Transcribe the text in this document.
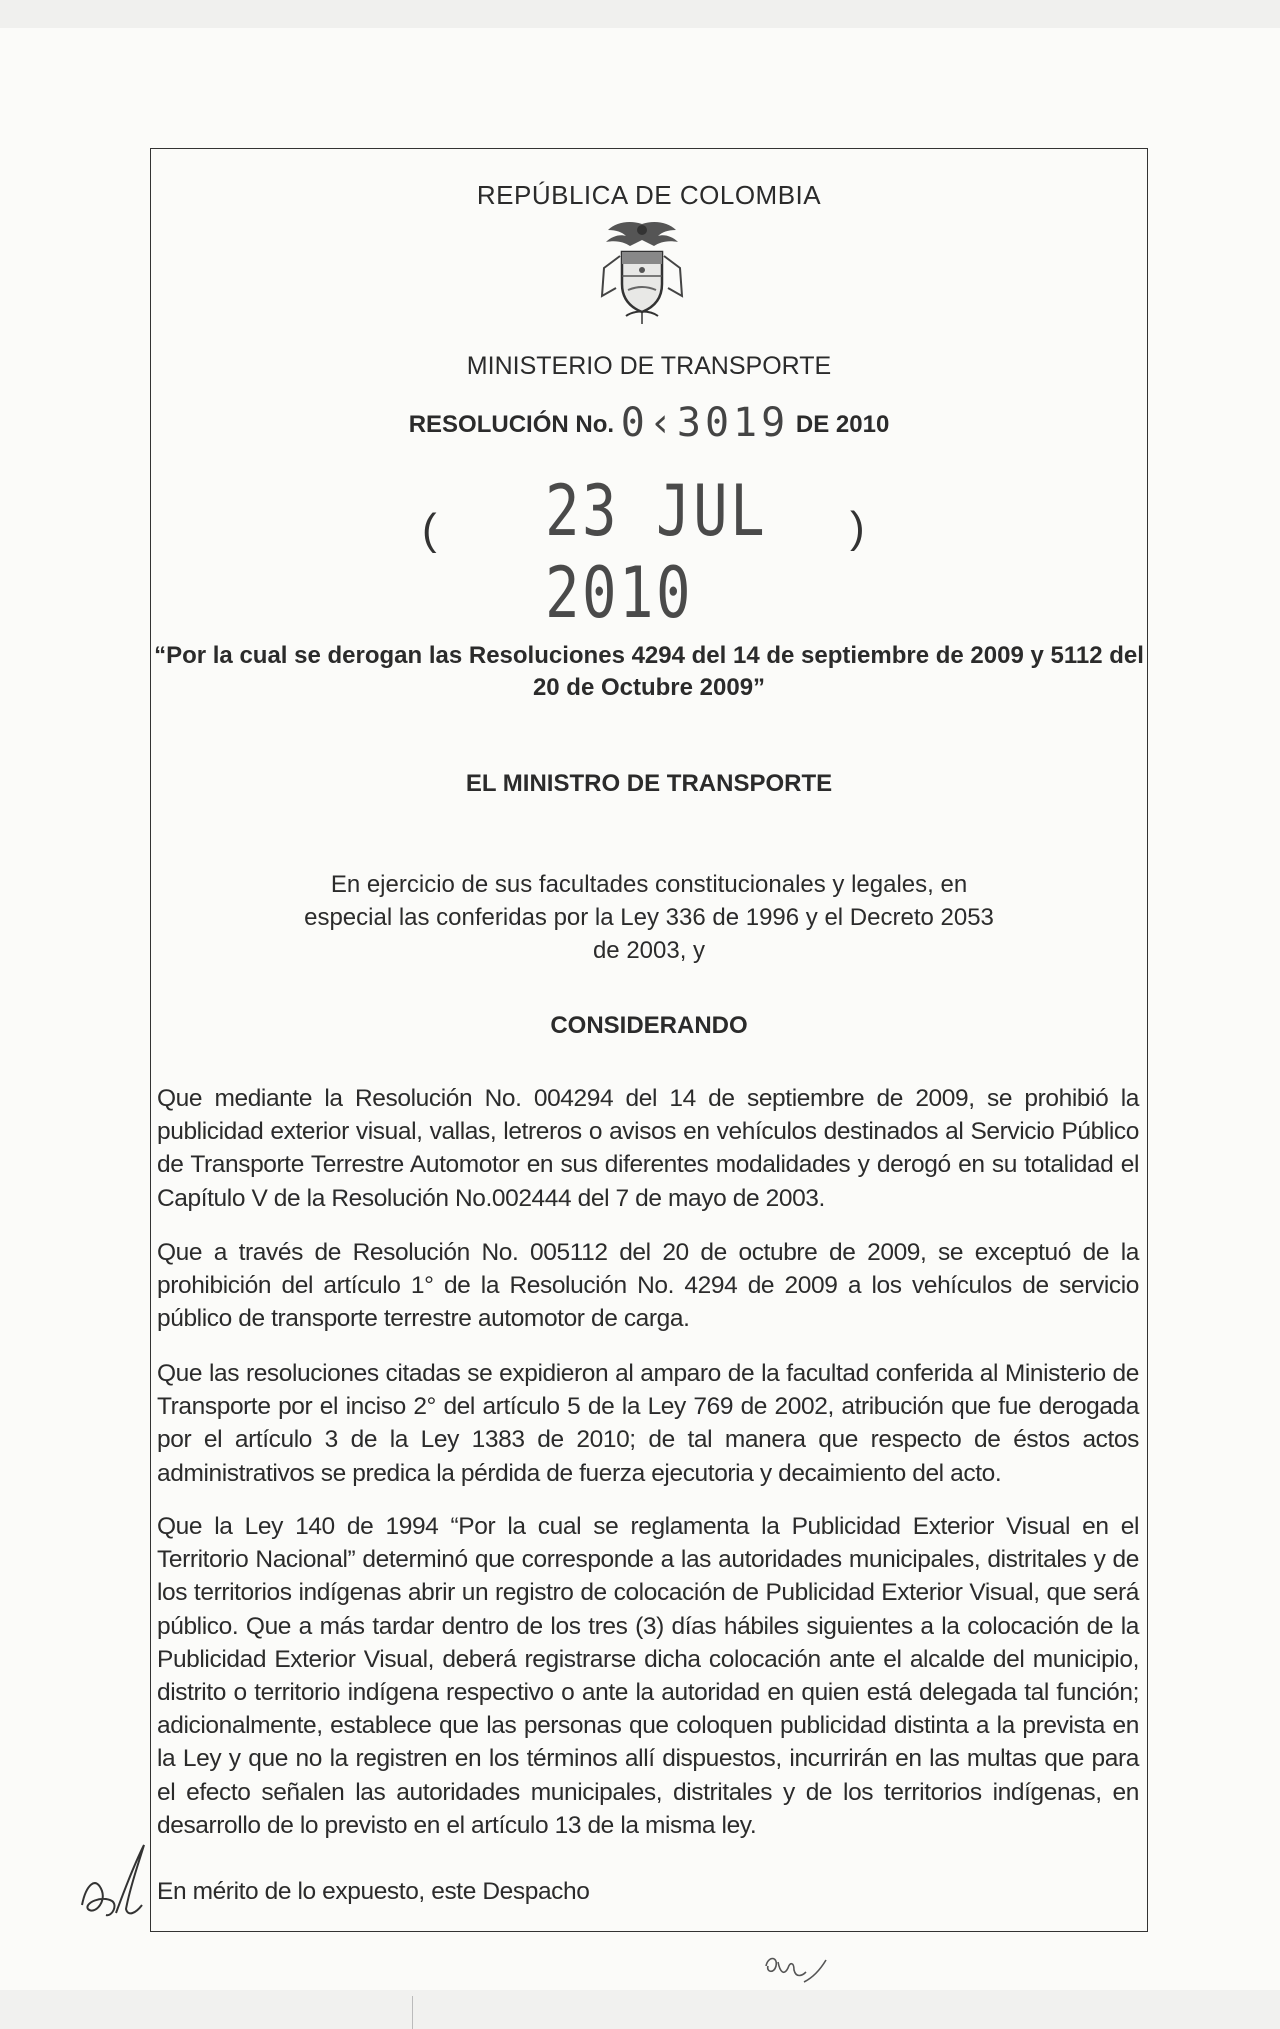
REPÚBLICA DE COLOMBIA
MINISTERIO DE TRANSPORTE
RESOLUCIÓN No. 0‹3019 DE 2010
( 23 JUL 2010
)
“Por la cual se derogan las Resoluciones 4294 del 14 de septiembre de 2009 y 5112 del 20 de Octubre 2009”
EL MINISTRO DE TRANSPORTE
En ejercicio de sus facultades constitucionales y legales, en especial las conferidas por la Ley 336 de 1996 y el Decreto 2053 de 2003, y
CONSIDERANDO
Que mediante la Resolución No. 004294 del 14 de septiembre de 2009, se prohibió la publicidad exterior visual, vallas, letreros o avisos en vehículos destinados al Servicio Público de Transporte Terrestre Automotor en sus diferentes modalidades y derogó en su totalidad el Capítulo V de la Resolución No.002444 del 7 de mayo de 2003.
Que a través de Resolución No. 005112 del 20 de octubre de 2009, se exceptuó de la prohibición del artículo 1° de la Resolución No. 4294 de 2009 a los vehículos de servicio público de transporte terrestre automotor de carga.
Que las resoluciones citadas se expidieron al amparo de la facultad conferida al Ministerio de Transporte por el inciso 2° del artículo 5 de la Ley 769 de 2002, atribución que fue derogada por el artículo 3 de la Ley 1383 de 2010; de tal manera que respecto de éstos actos administrativos se predica la pérdida de fuerza ejecutoria y decaimiento del acto.
Que la Ley 140 de 1994 “Por la cual se reglamenta la Publicidad Exterior Visual en el Territorio Nacional” determinó que corresponde a las autoridades municipales, distritales y de los territorios indígenas abrir un registro de colocación de Publicidad Exterior Visual, que será público. Que a más tardar dentro de los tres (3) días hábiles siguientes a la colocación de la Publicidad Exterior Visual, deberá registrarse dicha colocación ante el alcalde del municipio, distrito o territorio indígena respectivo o ante la autoridad en quien está delegada tal función; adicionalmente, establece que las personas que coloquen publicidad distinta a la prevista en la Ley y que no la registren en los términos allí dispuestos, incurrirán en las multas que para el efecto señalen las autoridades municipales, distritales y de los territorios indígenas, en desarrollo de lo previsto en el artículo 13 de la misma ley.
En mérito de lo expuesto, este Despacho
